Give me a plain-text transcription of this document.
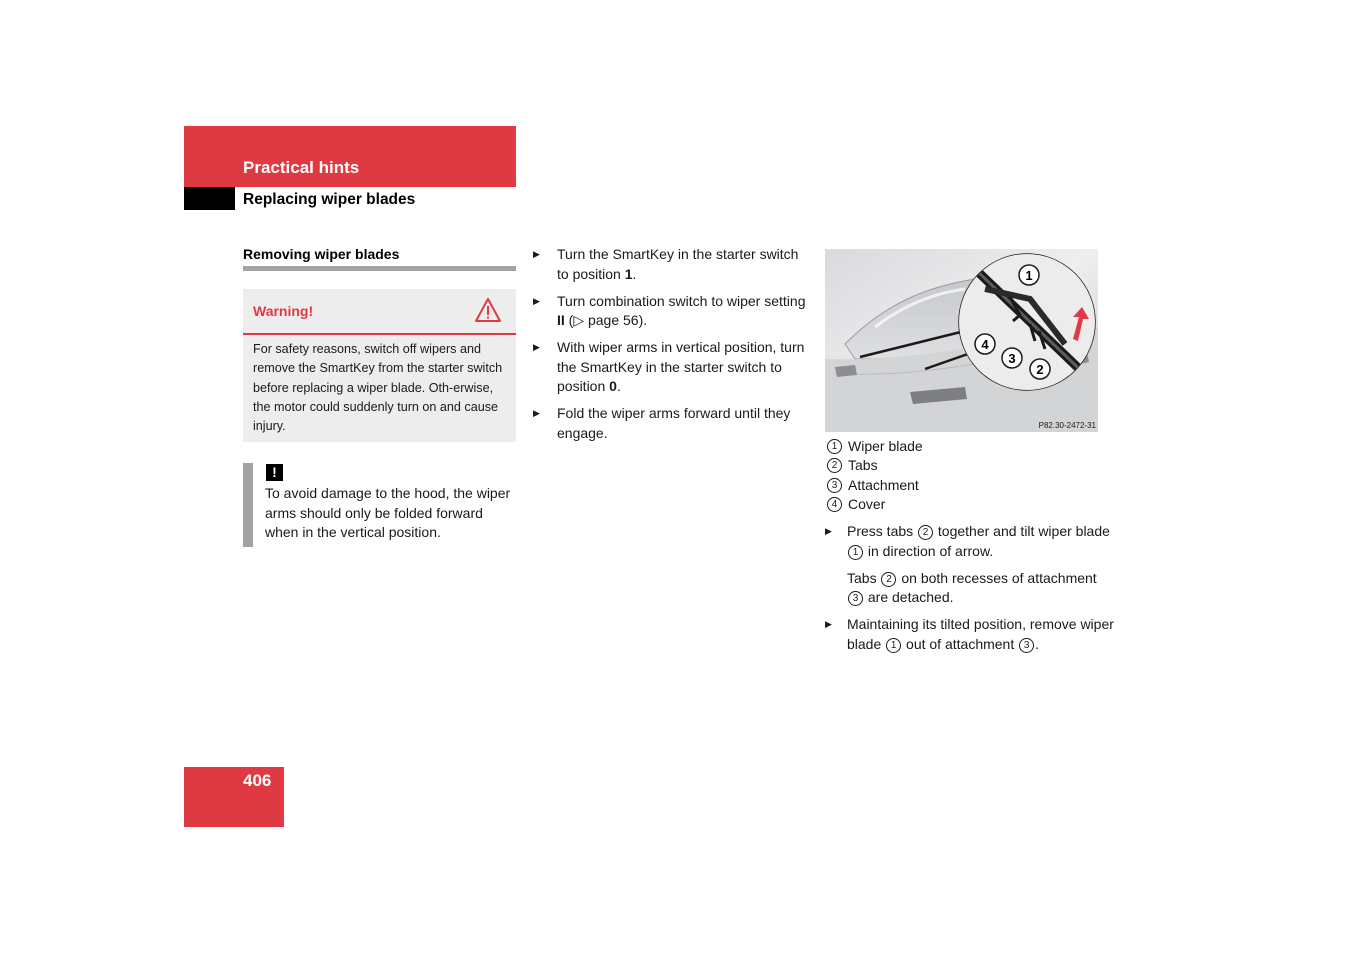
Practical hints
Replacing wiper blades
Removing wiper blades
Warning!
For safety reasons, switch off wipers and remove the SmartKey from the starter switch before replacing a wiper blade. Oth-erwise, the motor could suddenly turn on and cause injury.
!
To avoid damage to the hood, the wiper arms should only be folded forward when in the vertical position.
▶ Turn the SmartKey in the starter switch to position 1.
▶ Turn combination switch to wiper setting II (▷ page 56).
▶ With wiper arms in vertical position, turn the SmartKey in the starter switch to position 0.
▶ Fold the wiper arms forward until they engage.
1
2
3
4
P82.30-2472-31
1 Wiper blade
2 Tabs
3 Attachment
4 Cover
▶ Press tabs 2 together and tilt wiper blade 1 in direction of arrow.
Tabs 2 on both recesses of attachment 3 are detached.
▶ Maintaining its tilted position, remove wiper blade 1 out of attachment 3 .
406
